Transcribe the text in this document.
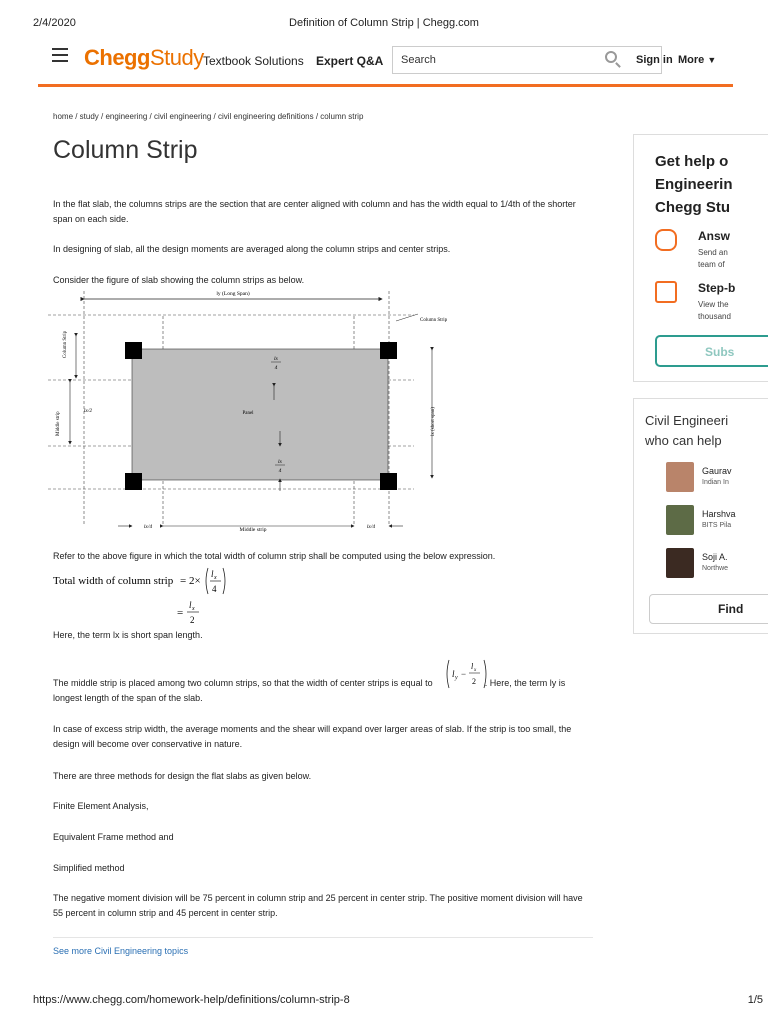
2/4/2020	Definition of Column Strip | Chegg.com
CheggStudy Textbook Solutions Expert Q&A
Search	Sign in More ▼
home / study / engineering / civil engineering / civil engineering definitions / column strip
Column Strip

In the flat slab, the columns strips are the section that are center aligned with column and has the width equal to 1/4th of the shorter span on each side.

In designing of slab, all the design moments are averaged along the column strips and center strips.

Consider the figure of slab showing the column strips as below.

ly (Long Span)
Panel
lx
4
lx
4
lx/2
Column Strip
lx (short span)
Column Strip
Middle strip
Middle strip
lx/4	lx/4

Refer to the above figure in which the total width of column strip shall be computed using the below expression.

Total width of column strip = 2×
l x
4
=
l x
2

Here, the term lx is short span length.

The middle strip is placed among two column strips, so that the width of center strips is equal to	. Here, the term ly is longest length of the span of the slab.

l y −
l x
2

In case of excess strip width, the average moments and the shear will expand over larger areas of slab. If the strip is too small, the design will become over conservative in nature.

There are three methods for design the flat slabs as given below.

Finite Element Analysis,

Equivalent Frame method and

Simplified method

The negative moment division will be 75 percent in column strip and 25 percent in center strip. The positive moment division will have 55 percent in column strip and 45 percent in center strip.

See more Civil Engineering topics
Get help o
Engineerin
Chegg Stu
Answ
Send an
team of
Step-b
View the
thousand
Subs
Civil Engineeri
who can help
Gaurav
Indian In
Harshva
BITS Pila
Soji A.
Northwe
Find
https://www.chegg.com/homework-help/definitions/column-strip-8	1/5
